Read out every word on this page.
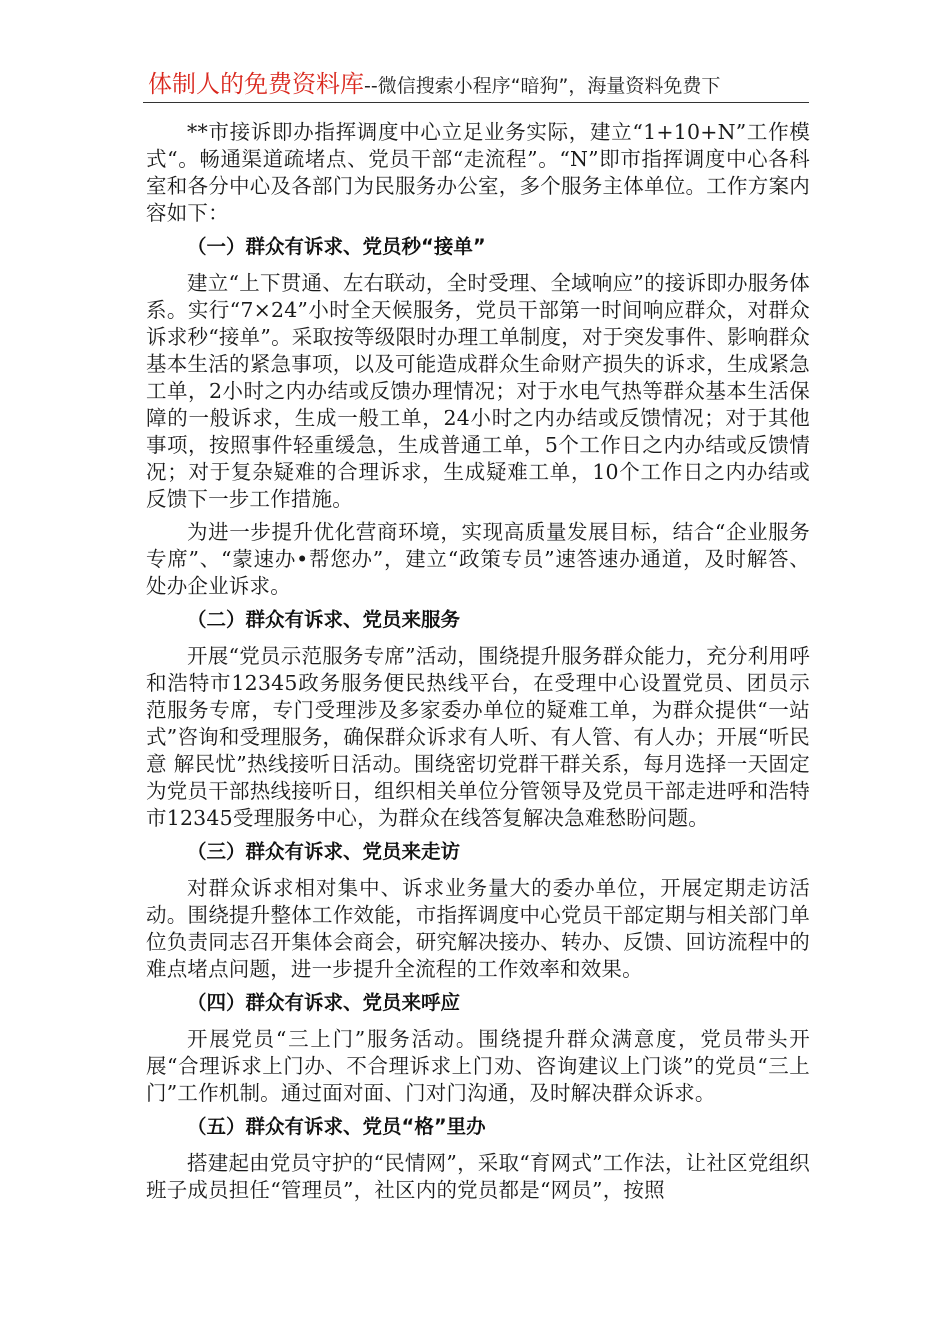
体制人的免费资料库--微信搜索小程序“暗狗”，海量资料免费下

**市接诉即办指挥调度中心立足业务实际，建立“1+10+N”工作模式“。畅通渠道疏堵点、党员干部“走流程”。“N”即市指挥调度中心各科室和各分中心及各部门为民服务办公室，多个服务主体单位。工作方案内容如下：

（一）群众有诉求、党员秒“接单”

建立“上下贯通、左右联动，全时受理、全域响应”的接诉即办服务体系。实行“7×24”小时全天候服务，党员干部第一时间响应群众，对群众诉求秒“接单”。采取按等级限时办理工单制度，对于突发事件、影响群众基本生活的紧急事项，以及可能造成群众生命财产损失的诉求，生成紧急工单，2小时之内办结或反馈办理情况；对于水电气热等群众基本生活保障的一般诉求，生成一般工单，24小时之内办结或反馈情况；对于其他事项，按照事件轻重缓急，生成普通工单，5个工作日之内办结或反馈情况；对于复杂疑难的合理诉求，生成疑难工单，10个工作日之内办结或反馈下一步工作措施。

为进一步提升优化营商环境，实现高质量发展目标，结合“企业服务专席”、“蒙速办•帮您办”，建立“政策专员”速答速办通道，及时解答、处办企业诉求。

（二）群众有诉求、党员来服务

开展“党员示范服务专席”活动，围绕提升服务群众能力，充分利用呼和浩特市12345政务服务便民热线平台，在受理中心设置党员、团员示范服务专席，专门受理涉及多家委办单位的疑难工单，为群众提供“一站式”咨询和受理服务，确保群众诉求有人听、有人管、有人办；开展“听民意 解民忧”热线接听日活动。围绕密切党群干群关系，每月选择一天固定为党员干部热线接听日，组织相关单位分管领导及党员干部走进呼和浩特市12345受理服务中心，为群众在线答复解决急难愁盼问题。

（三）群众有诉求、党员来走访

对群众诉求相对集中、诉求业务量大的委办单位，开展定期走访活动。围绕提升整体工作效能，市指挥调度中心党员干部定期与相关部门单位负责同志召开集体会商会，研究解决接办、转办、反馈、回访流程中的难点堵点问题，进一步提升全流程的工作效率和效果。

（四）群众有诉求、党员来呼应

开展党员“三上门”服务活动。围绕提升群众满意度，党员带头开展“合理诉求上门办、不合理诉求上门劝、咨询建议上门谈”的党员“三上门”工作机制。通过面对面、门对门沟通，及时解决群众诉求。

（五）群众有诉求、党员“格”里办

搭建起由党员守护的“民情网”，采取“育网式”工作法，让社区党组织班子成员担任“管理员”，社区内的党员都是“网员”，按照
